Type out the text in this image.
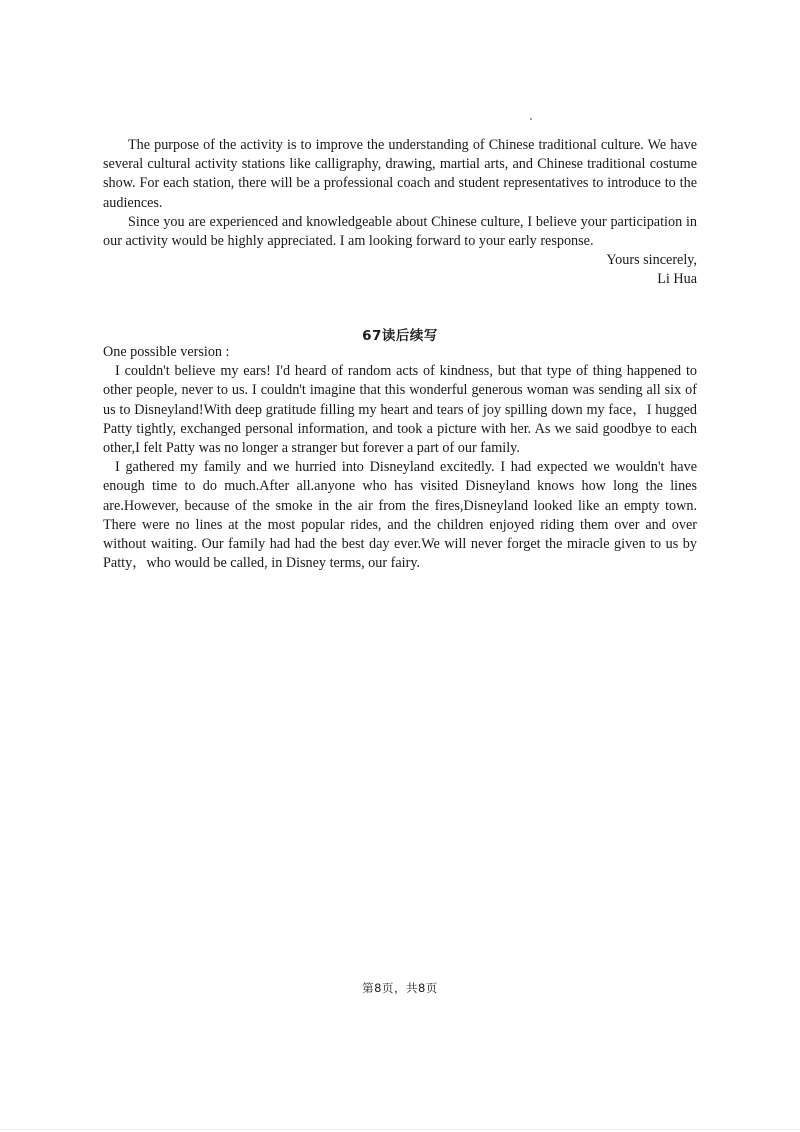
The purpose of the activity is to improve the understanding of Chinese traditional culture. We have several cultural activity stations like calligraphy, drawing, martial arts, and Chinese traditional costume show. For each station, there will be a professional coach and student representatives to introduce to the audiences.

Since you are experienced and knowledgeable about Chinese culture, I believe your participation in our activity would be highly appreciated. I am looking forward to your early response.

Yours sincerely,

Li Hua

67读后续写

One possible version :

I couldn't believe my ears! I'd heard of random acts of kindness, but that type of thing happened to other people, never to us. I couldn't imagine that this wonderful generous woman was sending all six of us to Disneyland!With deep gratitude filling my heart and tears of joy spilling down my face，I hugged Patty tightly, exchanged personal information, and took a picture with her. As we said goodbye to each other,I felt Patty was no longer a stranger but forever a part of our family.

I gathered my family and we hurried into Disneyland excitedly. I had expected we wouldn't have enough time to do much.After all.anyone who has visited Disneyland knows how long the lines are.However, because of the smoke in the air from the fires,Disneyland looked like an empty town. There were no lines at the most popular rides, and the children enjoyed riding them over and over without waiting. Our family had had the best day ever.We will never forget the miracle given to us by Patty，who would be called, in Disney terms, our fairy.

第8页，共8页
